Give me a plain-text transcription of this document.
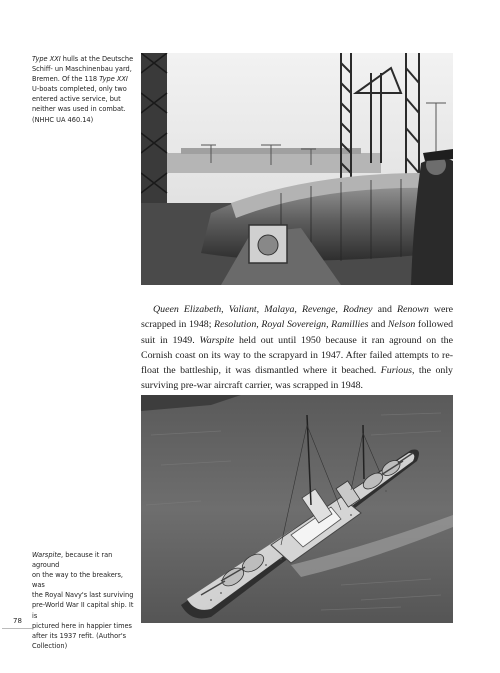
Type XXI hulls at the Deutsche
Schiff- un Maschinenbau yard,
Bremen. Of the 118 Type XXI
U-boats completed, only two
entered active service, but
neither was used in combat.
(NHHC UA 460.14)

Queen Elizabeth, Valiant, Malaya, Revenge, Rodney and Renown were scrapped in 1948; Resolution, Royal Sovereign, Ramillies and Nelson followed suit in 1949. Warspite held out until 1950 because it ran aground on the Cornish coast on its way to the scrapyard in 1947. After failed attempts to re-float the battleship, it was dismantled where it beached. Furious, the only surviving pre-war aircraft carrier, was scrapped in 1948.

Warspite, because it ran aground
on the way to the breakers, was
the Royal Navy's last surviving
pre-World War II capital ship. It is
pictured here in happier times
after its 1937 refit. (Author's
Collection)
78
